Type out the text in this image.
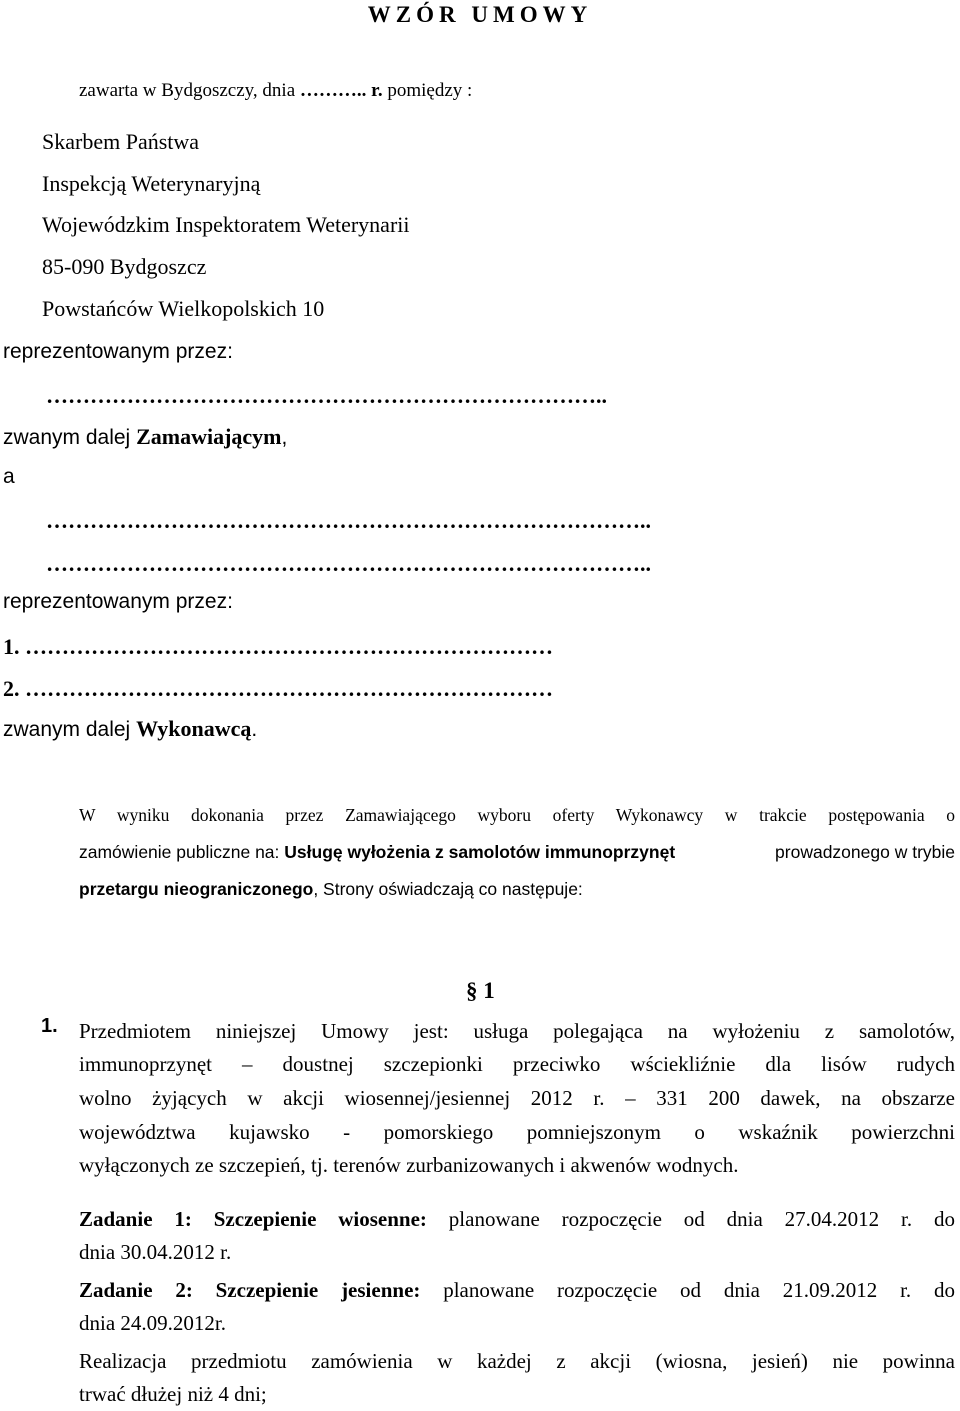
WZÓR UMOWY
zawarta w Bydgoszczy, dnia ……….. r. pomiędzy :
Skarbem Państwa
Inspekcją Weterynaryjną
Wojewódzkim Inspektoratem Weterynarii
85-090 Bydgoszcz
Powstańców Wielkopolskich 10
reprezentowanym przez:
…………………………………………………………………..
zwanym dalej Zamawiającym,
a
………………………………………………………………………..
………………………………………………………………………..
reprezentowanym przez:
1. ………………………………………………………………
2. ………………………………………………………………
zwanym dalej Wykonawcą.
W wyniku dokonania przez Zamawiającego wyboru oferty Wykonawcy w trakcie postępowania o
zamówienie publiczne na: Usługę wyłożenia z samolotów immunoprzynęt	prowadzonego w trybie
przetargu nieograniczonego, Strony oświadczają co następuje:
§ 1
1. Przedmiotem niniejszej Umowy jest: usługa polegająca na wyłożeniu z samolotów,
immunoprzynęt – doustnej szczepionki przeciwko wściekliźnie dla lisów rudych
wolno żyjących w akcji wiosennej/jesiennej 2012 r. – 331 200 dawek, na obszarze
województwa kujawsko - pomorskiego pomniejszonym o wskaźnik powierzchni
wyłączonych ze szczepień, tj. terenów zurbanizowanych i akwenów wodnych.
Zadanie 1: Szczepienie wiosenne: planowane rozpoczęcie od dnia 27.04.2012 r. do
dnia 30.04.2012 r.
Zadanie 2: Szczepienie jesienne: planowane rozpoczęcie od dnia 21.09.2012 r. do
dnia 24.09.2012r.
Realizacja przedmiotu zamówienia w każdej z akcji (wiosna, jesień) nie powinna
trwać dłużej niż 4 dni;
